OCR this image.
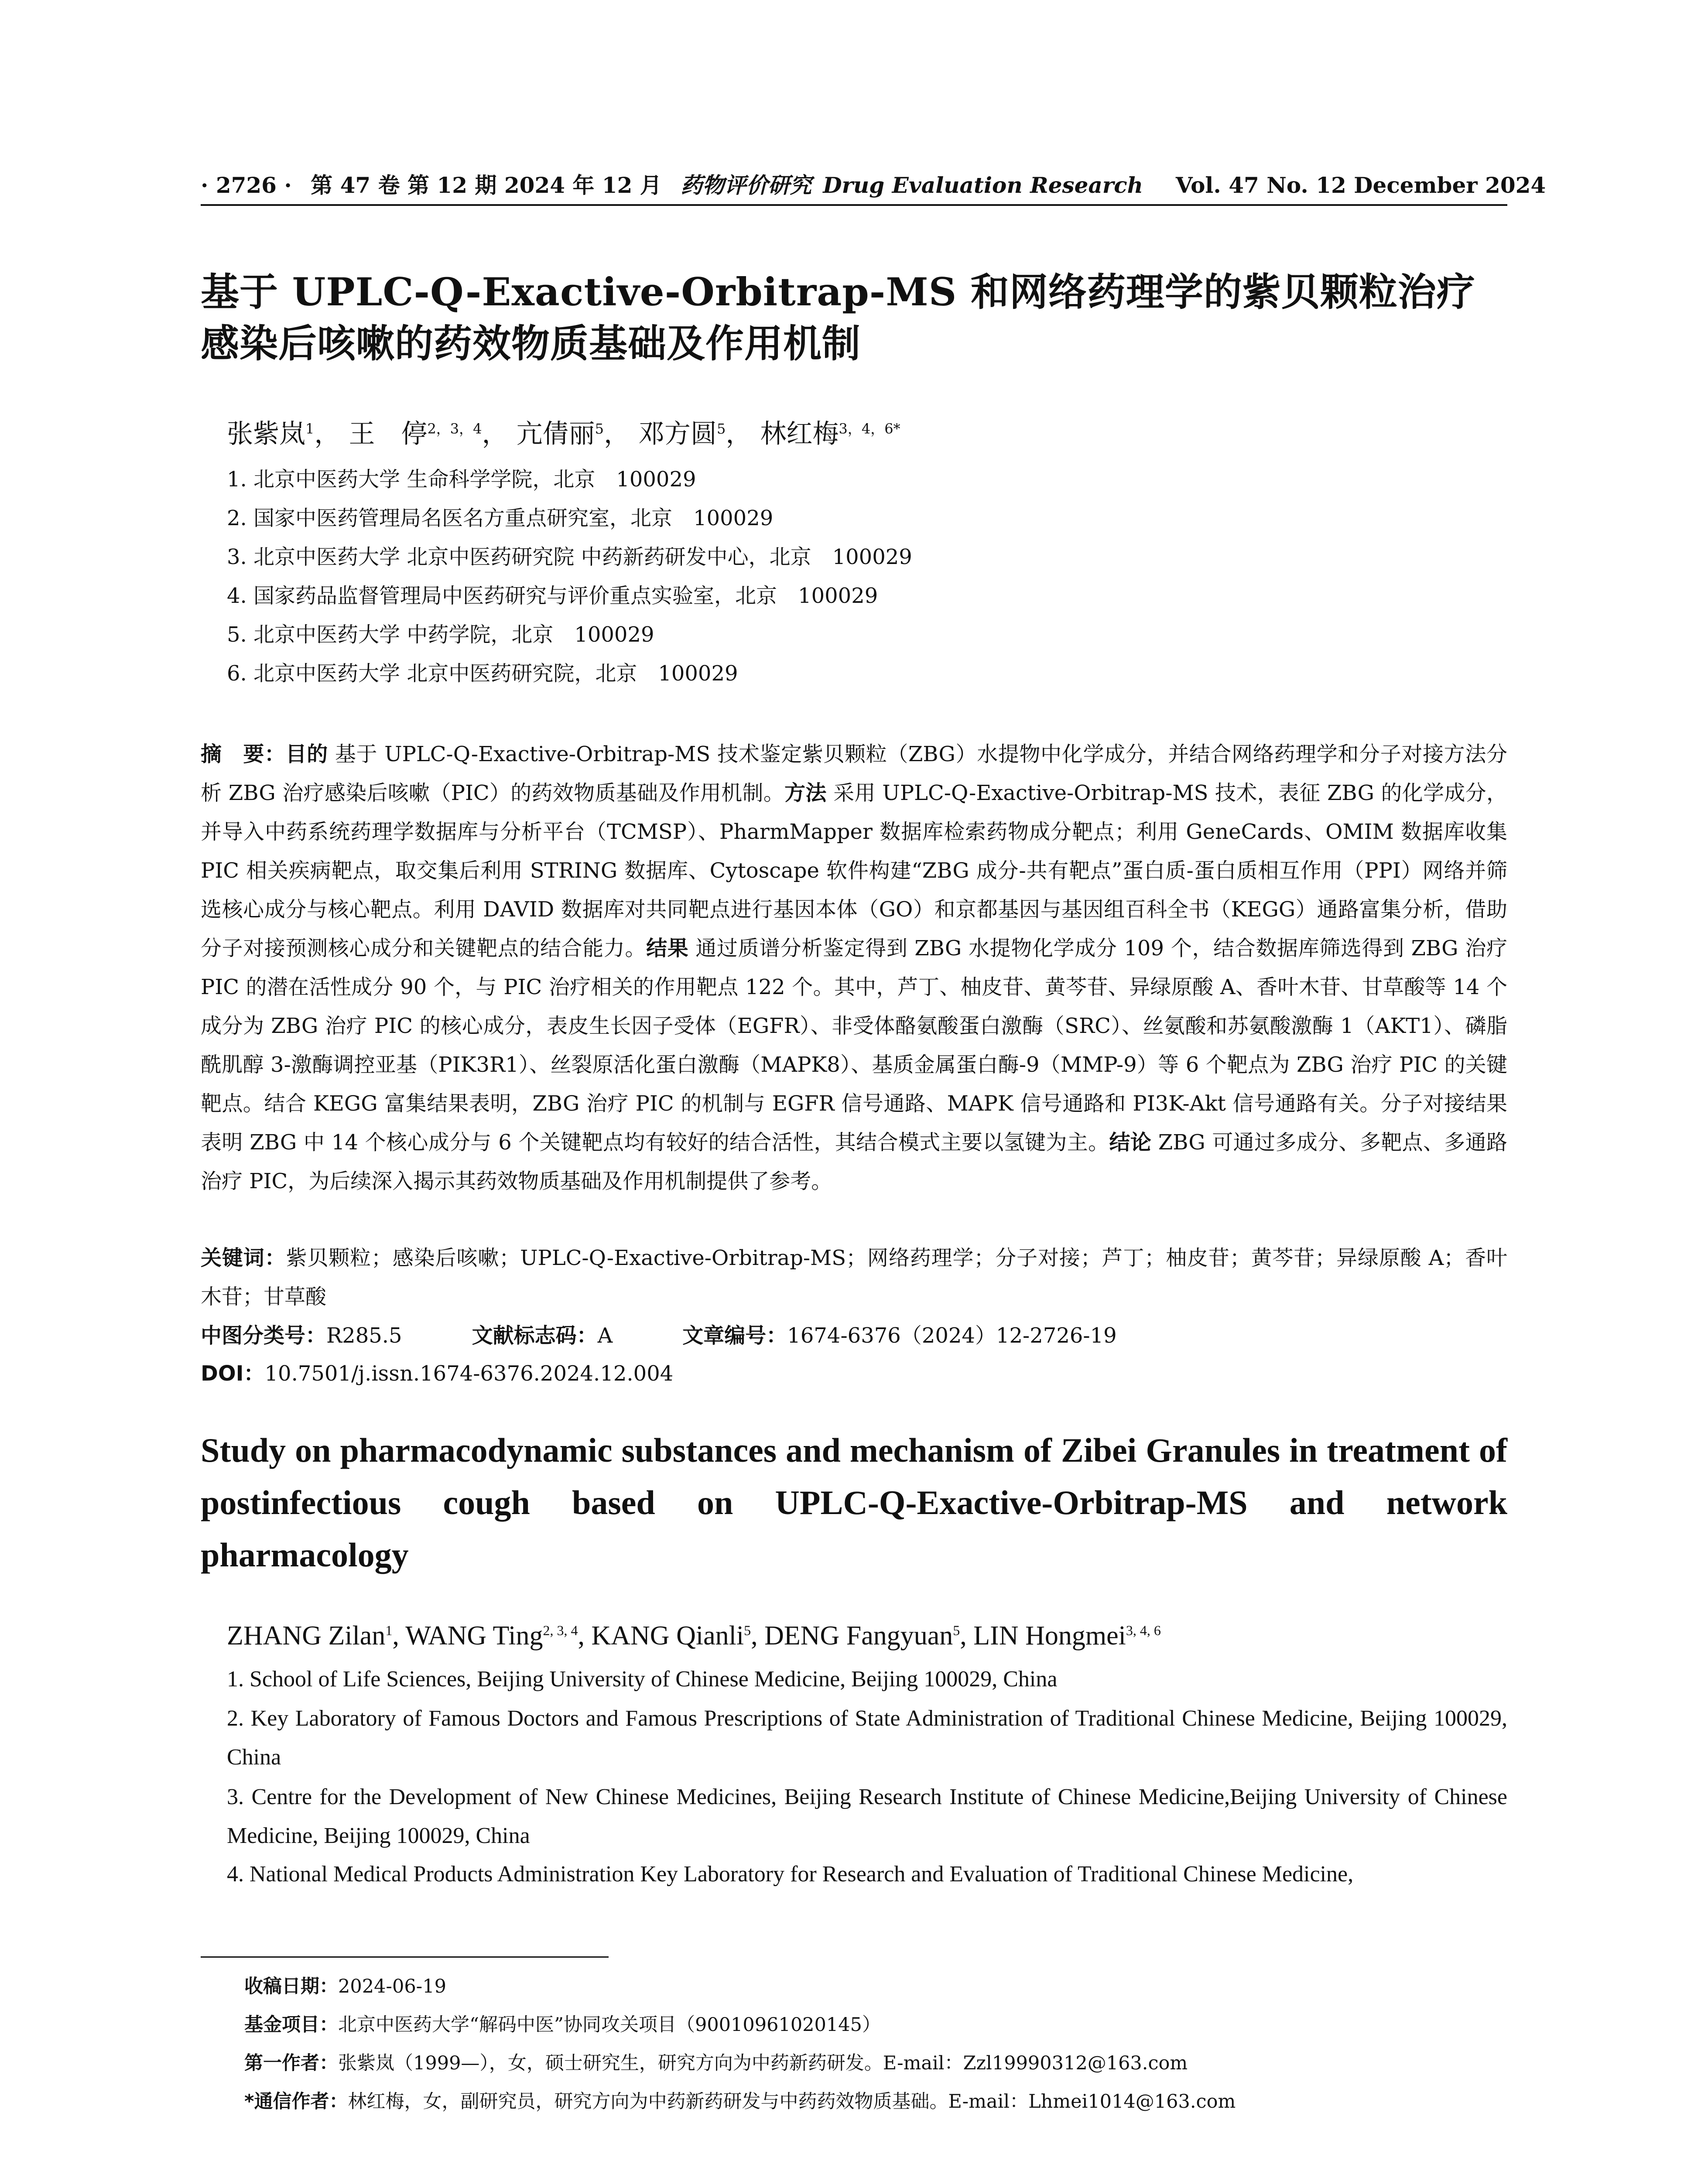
· 2726 · 第 47 卷 第 12 期 2024 年 12 月 药物评价研究 Drug Evaluation Research Vol. 47 No. 12 December 2024
基于 UPLC-Q-Exactive-Orbitrap-MS 和网络药理学的紫贝颗粒治疗感染后咳嗽的药效物质基础及作用机制
张紫岚$^1$， 王　停$^{2,3,4}$， 亢倩丽$^5$， 邓方圆$^5$， 林红梅$^{3,4,6*}$
1. 北京中医药大学 生命科学学院，北京　100029
2. 国家中医药管理局名医名方重点研究室，北京　100029
3. 北京中医药大学 北京中医药研究院 中药新药研发中心，北京　100029
4. 国家药品监督管理局中医药研究与评价重点实验室，北京　100029
5. 北京中医药大学 中药学院，北京　100029
6. 北京中医药大学 北京中医药研究院，北京　100029

摘　要：目的 基于 UPLC-Q-Exactive-Orbitrap-MS 技术鉴定紫贝颗粒（ZBG）水提物中化学成分，并结合网络药理学和分子对接方法分析 ZBG 治疗感染后咳嗽（PIC）的药效物质基础及作用机制。方法 采用 UPLC-Q-Exactive-Orbitrap-MS 技术，表征 ZBG 的化学成分，并导入中药系统药理学数据库与分析平台（TCMSP）、PharmMapper 数据库检索药物成分靶点；利用 GeneCards、OMIM 数据库收集 PIC 相关疾病靶点，取交集后利用 STRING 数据库、Cytoscape 软件构建“ZBG 成分-共有靶点”蛋白质-蛋白质相互作用（PPI）网络并筛选核心成分与核心靶点。利用 DAVID 数据库对共同靶点进行基因本体（GO）和京都基因与基因组百科全书（KEGG）通路富集分析，借助分子对接预测核心成分和关键靶点的结合能力。结果 通过质谱分析鉴定得到 ZBG 水提物化学成分 109 个，结合数据库筛选得到 ZBG 治疗 PIC 的潜在活性成分 90 个，与 PIC 治疗相关的作用靶点 122 个。其中，芦丁、柚皮苷、黄芩苷、异绿原酸 A、香叶木苷、甘草酸等 14 个成分为 ZBG 治疗 PIC 的核心成分，表皮生长因子受体（EGFR）、非受体酪氨酸蛋白激酶（SRC）、丝氨酸和苏氨酸激酶 1（AKT1）、磷脂酰肌醇 3-激酶调控亚基（PIK3R1）、丝裂原活化蛋白激酶（MAPK8）、基质金属蛋白酶-9（MMP-9）等 6 个靶点为 ZBG 治疗 PIC 的关键靶点。结合 KEGG 富集结果表明，ZBG 治疗 PIC 的机制与 EGFR 信号通路、MAPK 信号通路和 PI3K-Akt 信号通路有关。分子对接结果表明 ZBG 中 14 个核心成分与 6 个关键靶点均有较好的结合活性，其结合模式主要以氢键为主。结论 ZBG 可通过多成分、多靶点、多通路治疗 PIC，为后续深入揭示其药效物质基础及作用机制提供了参考。

关键词：紫贝颗粒；感染后咳嗽；UPLC-Q-Exactive-Orbitrap-MS；网络药理学；分子对接；芦丁；柚皮苷；黄芩苷；异绿原酸 A；香叶木苷；甘草酸

中图分类号：R285.5	文献标志码：A	文章编号：1674-6376（2024）12-2726-19

DOI：10.7501/j.issn.1674-6376.2024.12.004

Study on pharmacodynamic substances and mechanism of Zibei Granules in treatment of postinfectious cough based on UPLC-Q-Exactive-Orbitrap-MS and network pharmacology

ZHANG Zilan$^1$, WANG Ting$^{2, 3, 4}$, KANG Qianli$^5$, DENG Fangyuan$^5$, LIN Hongmei$^{3, 4, 6}$

1. School of Life Sciences, Beijing University of Chinese Medicine, Beijing 100029, China

2. Key Laboratory of Famous Doctors and Famous Prescriptions of State Administration of Traditional Chinese Medicine, Beijing 100029, China

3. Centre for the Development of New Chinese Medicines, Beijing Research Institute of Chinese Medicine,Beijing University of Chinese Medicine, Beijing 100029, China

4. National Medical Products Administration Key Laboratory for Research and Evaluation of Traditional Chinese Medicine,

收稿日期：2024-06-19
基金项目：北京中医药大学“解码中医”协同攻关项目（90010961020145）
第一作者：张紫岚（1999—），女，硕士研究生，研究方向为中药新药研发。E-mail：Zzl19990312@163.com
*通信作者：林红梅，女，副研究员，研究方向为中药新药研发与中药药效物质基础。E-mail：Lhmei1014@163.com
